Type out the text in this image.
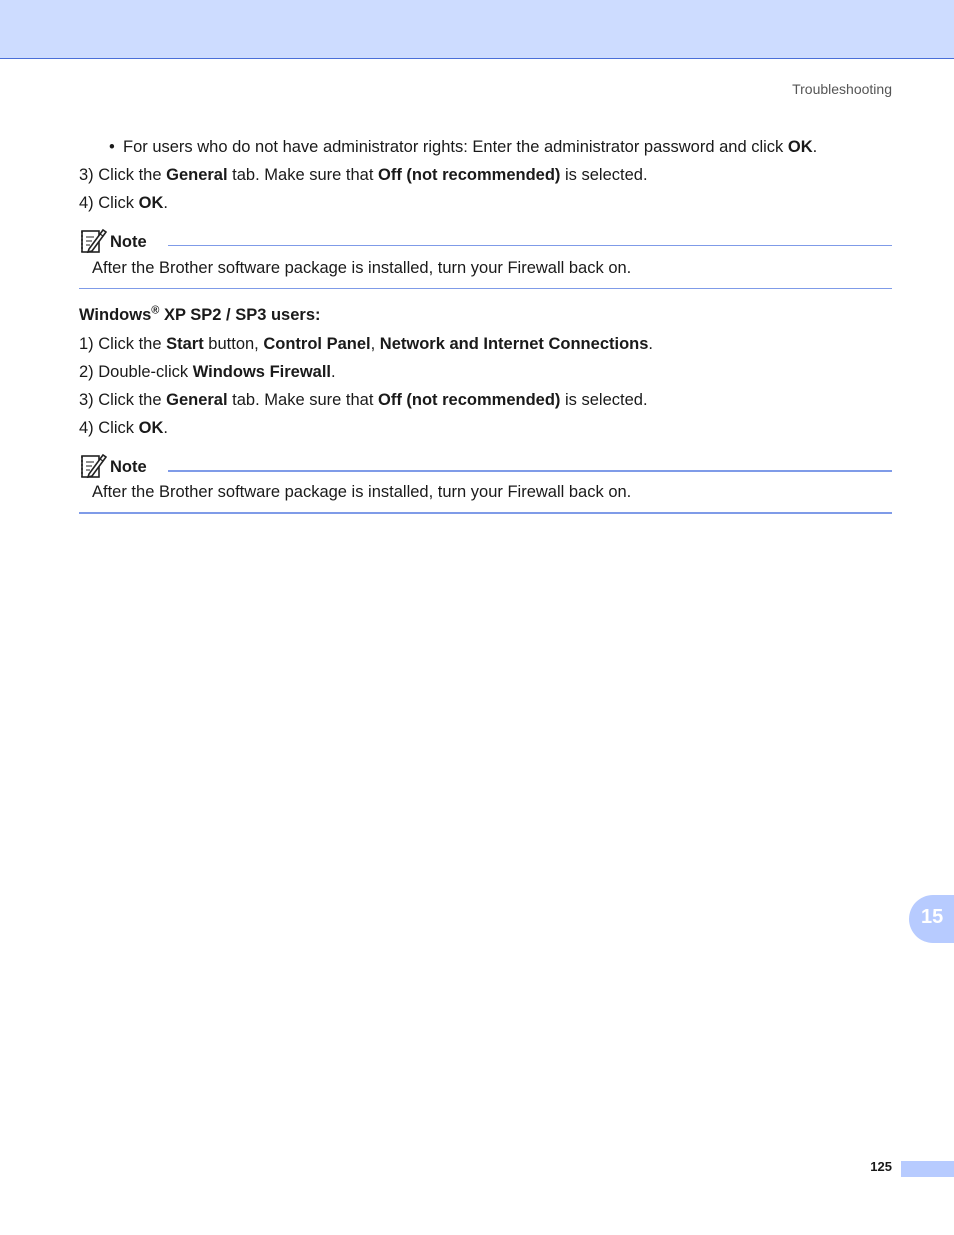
Troubleshooting
• For users who do not have administrator rights: Enter the administrator password and click OK.
3) Click the General tab. Make sure that Off (not recommended) is selected.
4) Click OK.
Note
After the Brother software package is installed, turn your Firewall back on.
Windows® XP SP2 / SP3 users:
1) Click the Start button, Control Panel, Network and Internet Connections.
2) Double-click Windows Firewall.
3) Click the General tab. Make sure that Off (not recommended) is selected.
4) Click OK.
Note
After the Brother software package is installed, turn your Firewall back on.
15
125
